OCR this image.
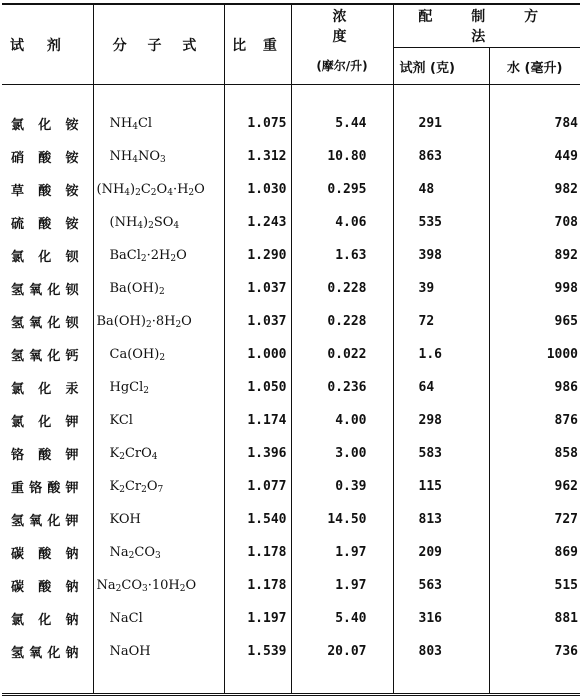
试 剂	分 子 式	比 重	浓 度	配 制 方 法	
			(摩尔/升)	试剂 (克)	水 (毫升)

氯化铵	$NH_4Cl$	1.075	5.44	291	784
硝酸铵	$NH_4NO_3$	1.312	10.80	863	449
草酸铵	$(NH_4)_2C_2O_4\cdot H_2O$	1.030	0.295	48	982
硫酸铵	$(NH_4)_2SO_4$	1.243	4.06	535	708
氯化钡	$BaCl_2\cdot 2H_2O$	1.290	1.63	398	892
氢氧化钡	$Ba(OH)_2$	1.037	0.228	39	998
氢氧化钡	$Ba(OH)_2\cdot 8H_2O$	1.037	0.228	72	965
氢氧化钙	$Ca(OH)_2$	1.000	0.022	1.6	1000
氯化汞	HgCl$_2$	1.050	0.236	64	986
氯化钾	KCl	1.174	4.00	298	876
铬酸钾	$K_2CrO_4$	1.396	3.00	583	858
重铬酸钾	$K_2Cr_2O_7$	1.077	0.39	115	962
氢氧化钾	KOH	1.540	14.50	813	727
碳酸钠	$Na_2CO_3$	1.178	1.97	209	869
碳酸钠	$Na_2CO_3\cdot 10H_2O$	1.178	1.97	563	515
氯化钠	NaCl	1.197	5.40	316	881
氢氧化钠	NaOH	1.539	20.07	803	736
